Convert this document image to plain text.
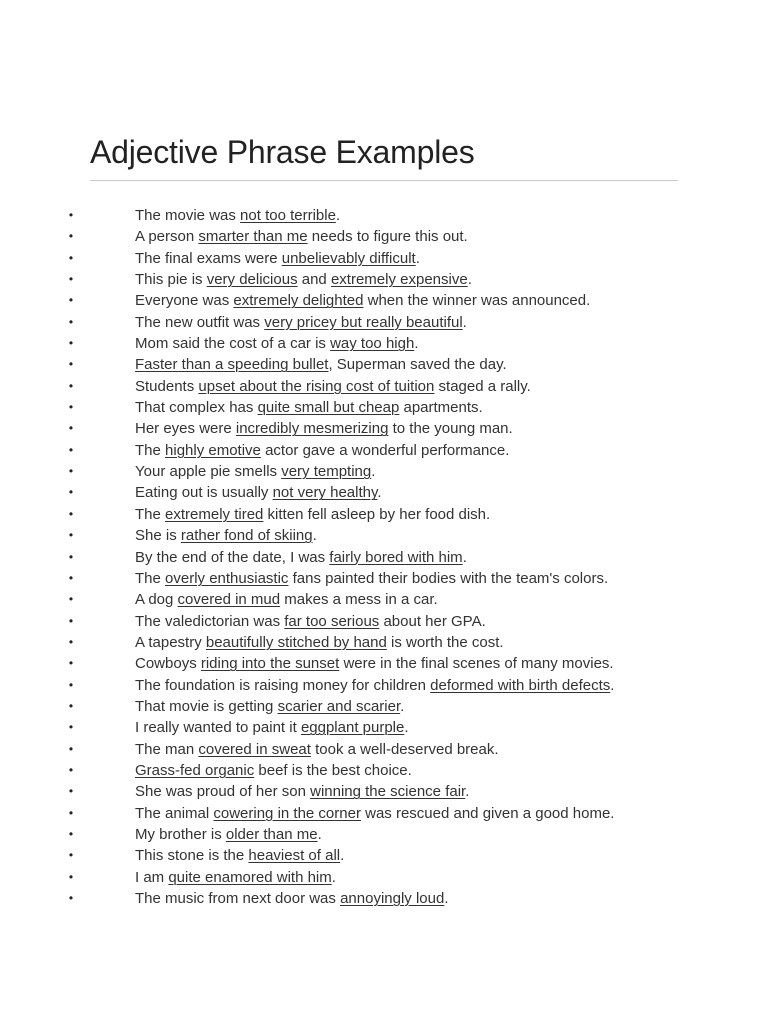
Adjective Phrase Examples
•	The movie was not too terrible.
•	A person smarter than me needs to figure this out.
•	The final exams were unbelievably difficult.
•	This pie is very delicious and extremely expensive.
•	Everyone was extremely delighted when the winner was announced.
•	The new outfit was very pricey but really beautiful.
•	Mom said the cost of a car is way too high.
•	Faster than a speeding bullet, Superman saved the day.
•	Students upset about the rising cost of tuition staged a rally.
•	That complex has quite small but cheap apartments.
•	Her eyes were incredibly mesmerizing to the young man.
•	The highly emotive actor gave a wonderful performance.
•	Your apple pie smells very tempting.
•	Eating out is usually not very healthy.
•	The extremely tired kitten fell asleep by her food dish.
•	She is rather fond of skiing.
•	By the end of the date, I was fairly bored with him.
•	The overly enthusiastic fans painted their bodies with the team's colors.
•	A dog covered in mud makes a mess in a car.
•	The valedictorian was far too serious about her GPA.
•	A tapestry beautifully stitched by hand is worth the cost.
•	Cowboys riding into the sunset were in the final scenes of many movies.
•	The foundation is raising money for children deformed with birth defects.
•	That movie is getting scarier and scarier.
•	I really wanted to paint it eggplant purple.
•	The man covered in sweat took a well-deserved break.
•	Grass-fed organic beef is the best choice.
•	She was proud of her son winning the science fair.
•	The animal cowering in the corner was rescued and given a good home.
•	My brother is older than me.
•	This stone is the heaviest of all.
•	I am quite enamored with him.
•	The music from next door was annoyingly loud.
